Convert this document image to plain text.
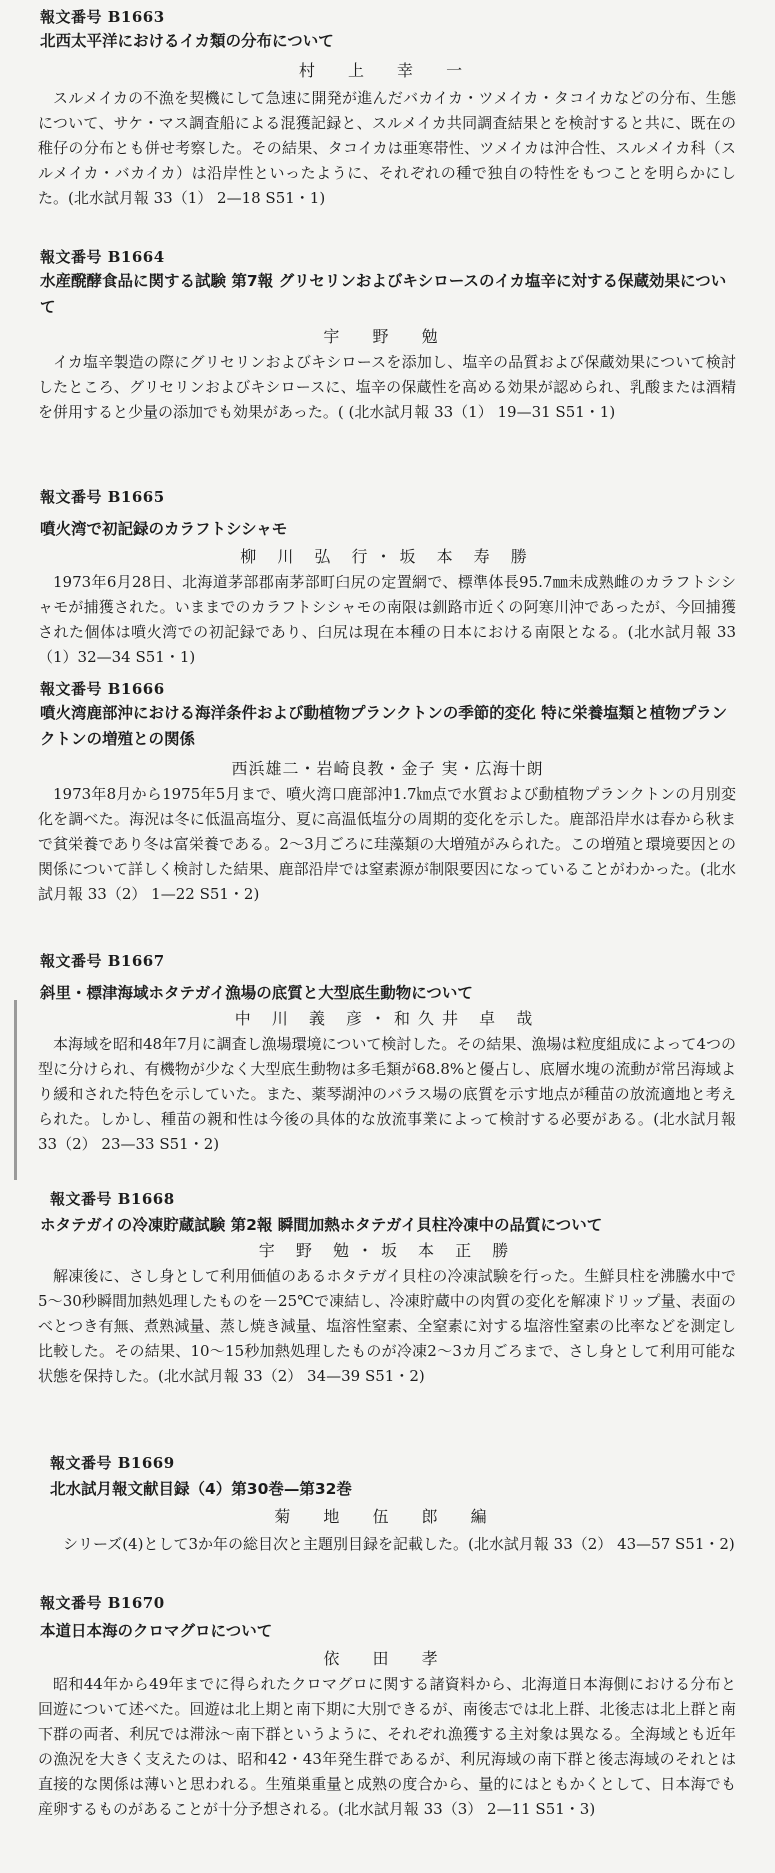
報文番号 B1663
北西太平洋におけるイカ類の分布について
村 上 幸 一
スルメイカの不漁を契機にして急速に開発が進んだバカイカ・ツメイカ・タコイカなどの分布、生態について、サケ・マス調査船による混獲記録と、スルメイカ共同調査結果とを検討すると共に、既在の稚仔の分布とも併せ考察した。その結果、タコイカは亜寒帯性、ツメイカは沖合性、スルメイカ科（スルメイカ・バカイカ）は沿岸性といったように、それぞれの種で独自の特性をもつことを明らかにした。(北水試月報 33（1） 2—18 S51・1)
報文番号 B1664
水産醗酵食品に関する試験 第7報 グリセリンおよびキシロースのイカ塩辛に対する保蔵効果について
宇 野 勉
イカ塩辛製造の際にグリセリンおよびキシロースを添加し、塩辛の品質および保蔵効果について検討したところ、グリセリンおよびキシロースに、塩辛の保蔵性を高める効果が認められ、乳酸または酒精を併用すると少量の添加でも効果があった。( (北水試月報 33（1） 19—31 S51・1)
報文番号 B1665
噴火湾で初記録のカラフトシシャモ
柳 川 弘 行・坂 本 寿 勝
1973年6月28日、北海道茅部郡南茅部町臼尻の定置網で、標準体長95.7㎜未成熟雌のカラフトシシャモが捕獲された。いままでのカラフトシシャモの南限は釧路市近くの阿寒川沖であったが、今回捕獲された個体は噴火湾での初記録であり、臼尻は現在本種の日本における南限となる。(北水試月報 33（1）32—34 S51・1)
報文番号 B1666
噴火湾鹿部沖における海洋条件および動植物プランクトンの季節的変化 特に栄養塩類と植物プランクトンの増殖との関係
西浜雄二・岩崎良教・金子 実・広海十朗
1973年8月から1975年5月まで、噴火湾口鹿部沖1.7㎞点で水質および動植物プランクトンの月別変化を調べた。海況は冬に低温高塩分、夏に高温低塩分の周期的変化を示した。鹿部沿岸水は春から秋まで貧栄養であり冬は富栄養である。2～3月ごろに珪藻類の大増殖がみられた。この増殖と環境要因との関係について詳しく検討した結果、鹿部沿岸では窒素源が制限要因になっていることがわかった。(北水試月報 33（2） 1—22 S51・2)
報文番号 B1667
斜里・標津海域ホタテガイ漁場の底質と大型底生動物について
中 川 義 彦・和久井 卓 哉
本海域を昭和48年7月に調査し漁場環境について検討した。その結果、漁場は粒度組成によって4つの型に分けられ、有機物が少なく大型底生動物は多毛類が68.8%と優占し、底層水塊の流動が常呂海域より緩和された特色を示していた。また、薬琴湖沖のバラス場の底質を示す地点が種苗の放流適地と考えられた。しかし、種苗の親和性は今後の具体的な放流事業によって検討する必要がある。(北水試月報 33（2） 23—33 S51・2)
報文番号 B1668
ホタテガイの冷凍貯蔵試験 第2報 瞬間加熱ホタテガイ貝柱冷凍中の品質について
宇 野 勉・坂 本 正 勝
解凍後に、さし身として利用価値のあるホタテガイ貝柱の冷凍試験を行った。生鮮貝柱を沸騰水中で5～30秒瞬間加熱処理したものを－25℃で凍結し、冷凍貯蔵中の肉質の変化を解凍ドリップ量、表面のべとつき有無、煮熟減量、蒸し焼き減量、塩溶性窒素、全窒素に対する塩溶性窒素の比率などを測定し比較した。その結果、10～15秒加熱処理したものが冷凍2～3カ月ごろまで、さし身として利用可能な状態を保持した。(北水試月報 33（2） 34—39 S51・2)
報文番号 B1669
北水試月報文献目録（4）第30巻—第32巻
菊 地 伍 郎 編
シリーズ(4)として3か年の総目次と主題別目録を記載した。(北水試月報 33（2） 43—57 S51・2)
報文番号 B1670
本道日本海のクロマグロについて
依 田 孝
昭和44年から49年までに得られたクロマグロに関する諸資料から、北海道日本海側における分布と回遊について述べた。回遊は北上期と南下期に大別できるが、南後志では北上群、北後志は北上群と南下群の両者、利尻では滞泳～南下群というように、それぞれ漁獲する主対象は異なる。全海域とも近年の漁況を大きく支えたのは、昭和42・43年発生群であるが、利尻海域の南下群と後志海域のそれとは直接的な関係は薄いと思われる。生殖巣重量と成熟の度合から、量的にはともかくとして、日本海でも産卵するものがあることが十分予想される。(北水試月報 33（3） 2—11 S51・3)
